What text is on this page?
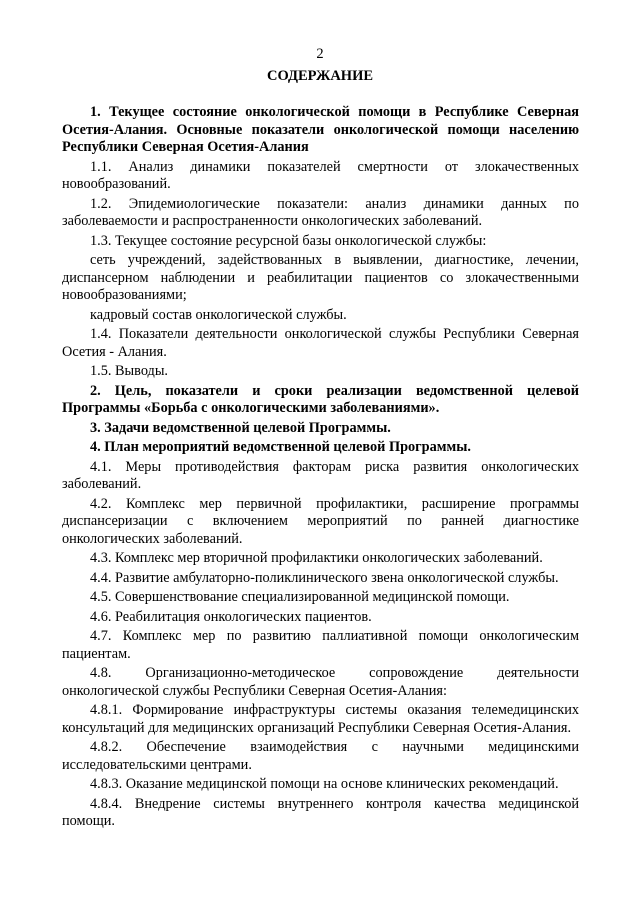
2
СОДЕРЖАНИЕ

1. Текущее состояние онкологической помощи в Республике Северная Осетия-Алания. Основные показатели онкологической помощи населению Республики Северная Осетия-Алания

1.1. Анализ динамики показателей смертности от злокачественных новообразований.

1.2. Эпидемиологические показатели: анализ динамики данных по заболеваемости и распространенности онкологических заболеваний.

1.3. Текущее состояние ресурсной базы онкологической службы:

сеть учреждений, задействованных в выявлении, диагностике, лечении, диспансерном наблюдении и реабилитации пациентов со злокачественными новообразованиями;

кадровый состав онкологической службы.

1.4. Показатели деятельности онкологической службы Республики Северная Осетия - Алания.

1.5. Выводы.

2. Цель, показатели и сроки реализации ведомственной целевой Программы «Борьба с онкологическими заболеваниями».

3. Задачи ведомственной целевой Программы.

4. План мероприятий ведомственной целевой Программы.

4.1. Меры противодействия факторам риска развития онкологических заболеваний.

4.2. Комплекс мер первичной профилактики, расширение программы диспансеризации с включением мероприятий по ранней диагностике онкологических заболеваний.

4.3. Комплекс мер вторичной профилактики онкологических заболеваний.

4.4. Развитие амбулаторно-поликлинического звена онкологической службы.

4.5. Совершенствование специализированной медицинской помощи.

4.6. Реабилитация онкологических пациентов.

4.7. Комплекс мер по развитию паллиативной помощи онкологическим пациентам.

4.8. Организационно-методическое сопровождение деятельности онкологической службы Республики Северная Осетия-Алания:

4.8.1. Формирование инфраструктуры системы оказания телемедицинских консультаций для медицинских организаций Республики Северная Осетия-Алания.

4.8.2. Обеспечение взаимодействия с научными медицинскими исследовательскими центрами.

4.8.3. Оказание медицинской помощи на основе клинических рекомендаций.

4.8.4. Внедрение системы внутреннего контроля качества медицинской помощи.
